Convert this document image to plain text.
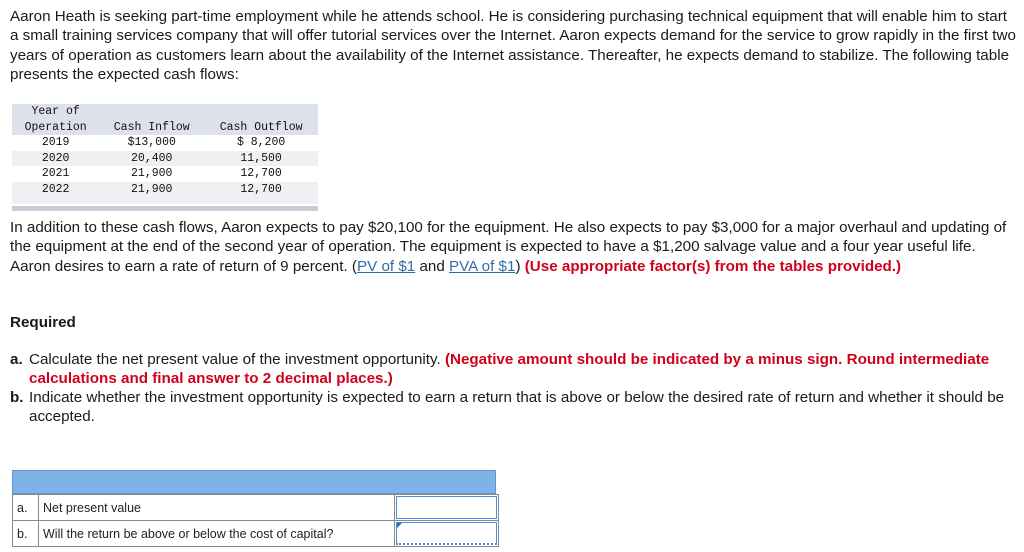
Aaron Heath is seeking part-time employment while he attends school. He is considering purchasing technical equipment that will enable him to start a small training services company that will offer tutorial services over the Internet. Aaron expects demand for the service to grow rapidly in the first two years of operation as customers learn about the availability of the Internet assistance. Thereafter, he expects demand to stabilize. The following table presents the expected cash flows:

Year of
Operation	Cash Inflow	Cash Outflow
2019	$13,000	$ 8,200
2020	20,400	11,500
2021	21,900	12,700
2022	21,900	12,700

In addition to these cash flows, Aaron expects to pay $20,100 for the equipment. He also expects to pay $3,000 for a major overhaul and updating of the equipment at the end of the second year of operation. The equipment is expected to have a $1,200 salvage value and a four year useful life. Aaron desires to earn a rate of return of 9 percent. (PV of $1 and PVA of $1) (Use appropriate factor(s) from the tables provided.)

Required

a. Calculate the net present value of the investment opportunity. (Negative amount should be indicated by a minus sign. Round intermediate calculations and final answer to 2 decimal places.)
b. Indicate whether the investment opportunity is expected to earn a return that is above or below the desired rate of return and whether it should be accepted.
a.	Net present value	

b.	Will the return be above or below the cost of capital?	
